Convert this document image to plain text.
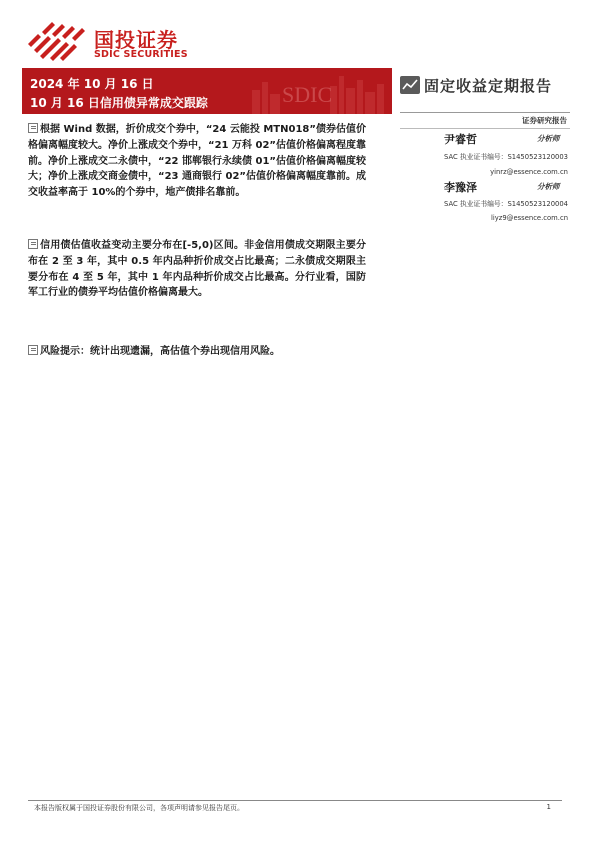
国投证券
SDIC SECURITIES
SDIC
2024 年 10 月 16 日
10 月 16 日信用债异常成交跟踪
固定收益定期报告
证券研究报告
尹睿哲	分析师
SAC 执业证书编号：S1450523120003
yinrz@essence.com.cn
李豫泽	分析师
SAC 执业证书编号：S1450523120004
liyz9@essence.com.cn
根据 Wind 数据，折价成交个券中，“24 云能投 MTN018”债券估值价格偏离幅度较大。净价上涨成交个券中，“21 万科 02”估值价格偏离程度靠前。净价上涨成交二永债中，“22 邯郸银行永续债 01”估值价格偏离幅度较大；净价上涨成交商金债中，“23 通商银行 02”估值价格偏离幅度靠前。成交收益率高于 10%的个券中，地产债排名靠前。
信用债估值收益变动主要分布在[-5,0)区间。非金信用债成交期限主要分布在 2 至 3 年，其中 0.5 年内品种折价成交占比最高；二永债成交期限主要分布在 4 至 5 年，其中 1 年内品种折价成交占比最高。分行业看，国防军工行业的债券平均估值价格偏离最大。
风险提示：统计出现遗漏，高估值个券出现信用风险。
本报告版权属于国投证券股份有限公司，各项声明请参见报告尾页。	1
